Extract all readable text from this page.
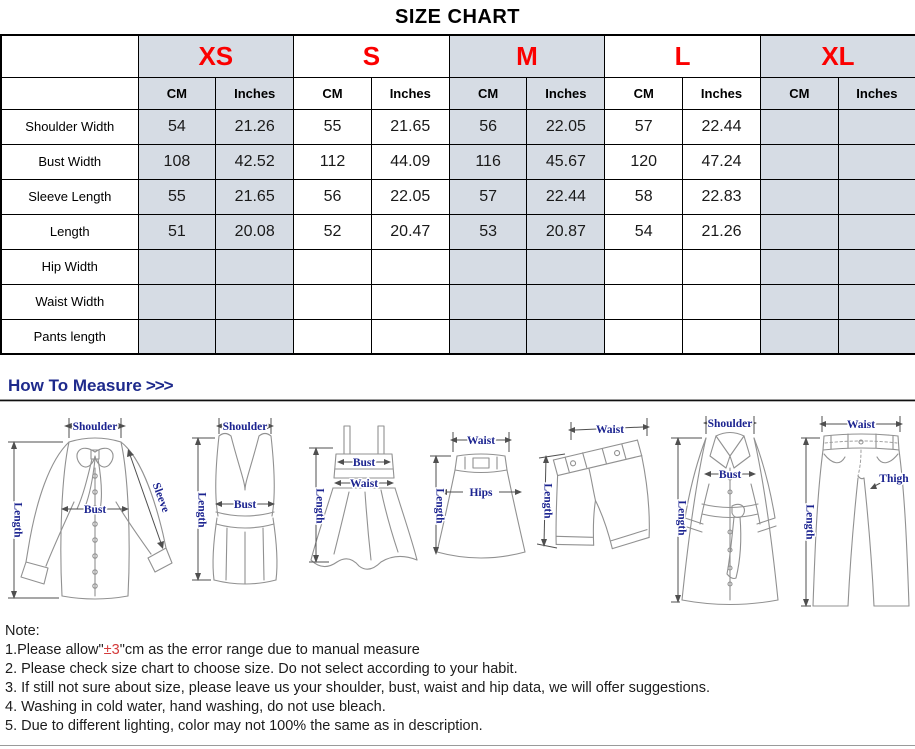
SIZE CHART
	XS		S		M		L		XL	
	CM	Inches	CM	Inches	CM	Inches	CM	Inches	CM	Inches
Shoulder Width	54	21.26	55	21.65	56	22.05	57	22.44		
Bust Width	108	42.52	112	44.09	116	45.67	120	47.24		
Sleeve Length	55	21.65	56	22.05	57	22.44	58	22.83		
Length	51	20.08	52	20.47	53	20.87	54	21.26		
Hip Width										
Waist Width										
Pants length										
How To Measure >>>
Shoulder
Length	Bust	Sleeve
Shoulder
Bust
Length
Bust
Waist
Length
Waist
Hips
Length
Waist
Length
Shoulder
Bust
Length
Waist
Thigh
Length
Note:
1.Please allow"±3"cm as the error range due to manual measure
2. Please check size chart to choose size. Do not select according to your habit.
3. If still not sure about size, please leave us your shoulder, bust, waist and hip data, we will offer suggestions.
4. Washing in cold water, hand washing, do not use bleach.
5. Due to different lighting, color may not 100% the same as in description.
